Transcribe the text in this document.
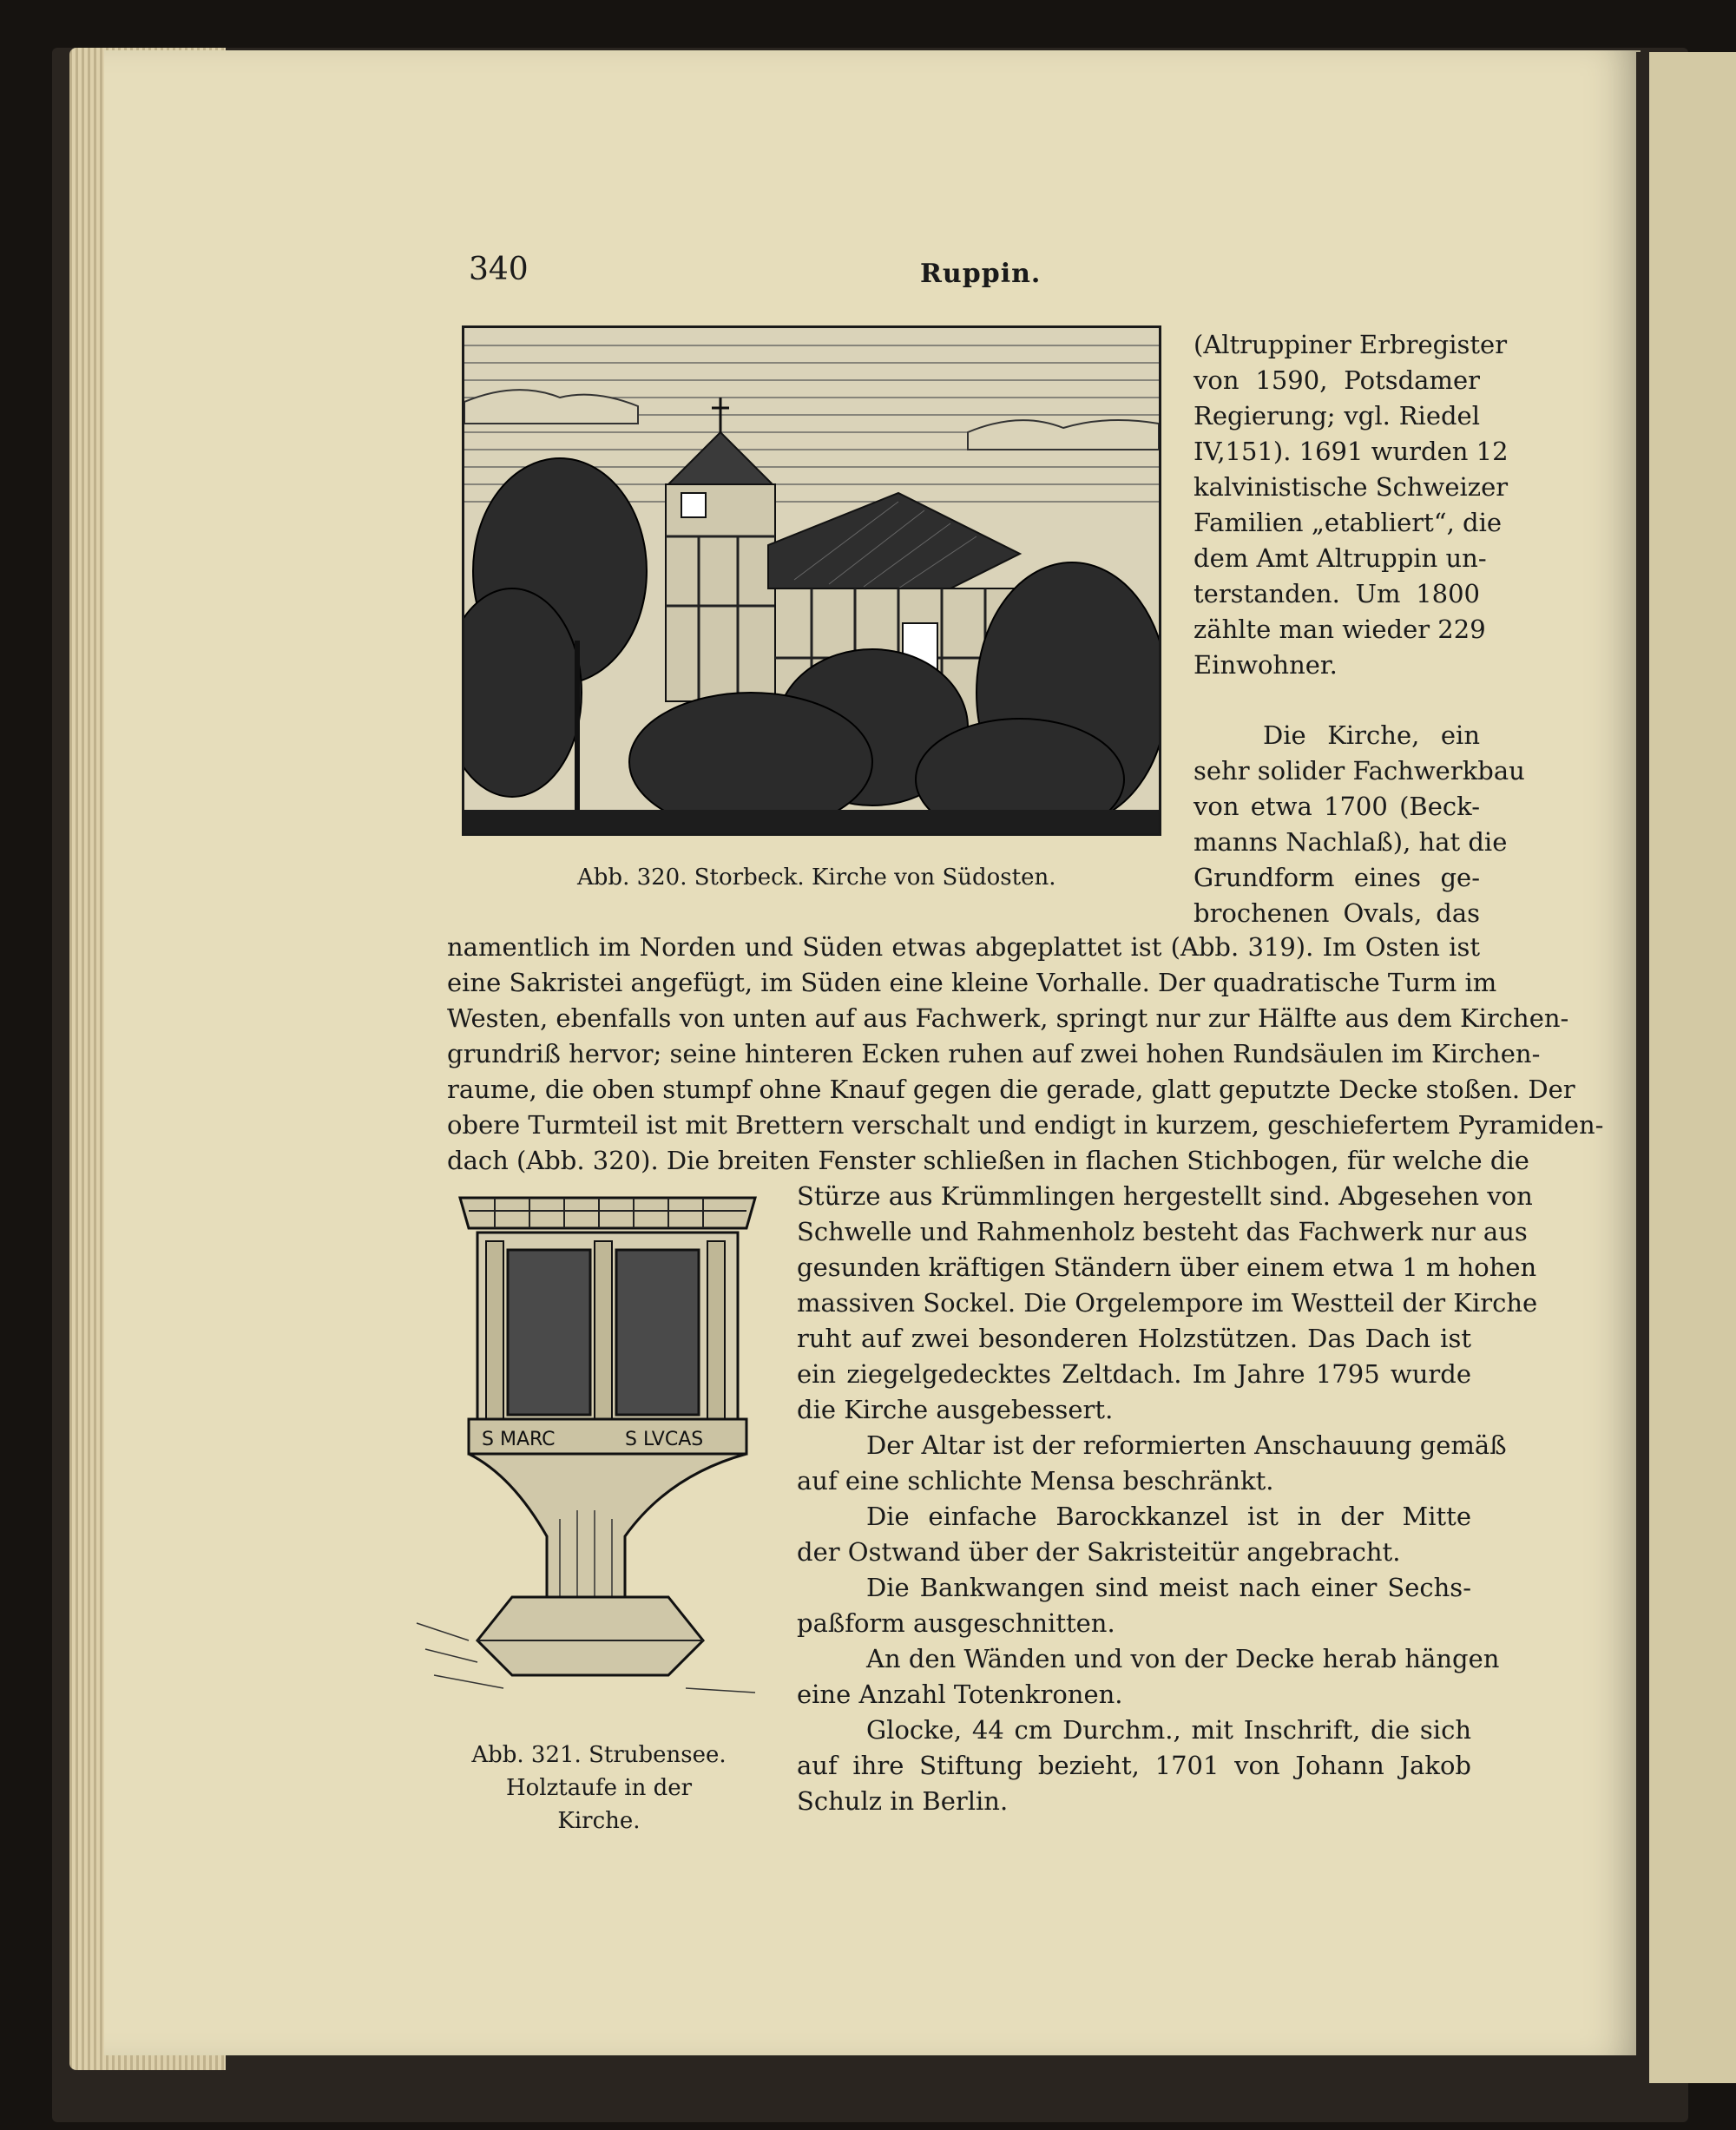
340	Ruppin.
Abb. 320. Storbeck. Kirche von Südosten.
S MARC	S LVCAS
Abb. 321. Strubensee.
Holztaufe in der Kirche.
(Altruppiner Erbregister
von 1590, Potsdamer
Regierung; vgl. Riedel
IV,151). 1691 wurden 12
kalvinistische Schweizer
Familien „etabliert“, die
dem Amt Altruppin un-
terstanden. Um 1800
zählte man wieder 229
Einwohner.
Die Kirche, ein
sehr solider Fachwerkbau
von etwa 1700 (Beck-
manns Nachlaß), hat die
Grundform eines ge-
brochenen Ovals, das
namentlich im Norden und Süden etwas abgeplattet ist (Abb. 319). Im Osten ist
eine Sakristei angefügt, im Süden eine kleine Vorhalle. Der quadratische Turm im
Westen, ebenfalls von unten auf aus Fachwerk, springt nur zur Hälfte aus dem Kirchen-
grundriß hervor; seine hinteren Ecken ruhen auf zwei hohen Rundsäulen im Kirchen-
raume, die oben stumpf ohne Knauf gegen die gerade, glatt geputzte Decke stoßen. Der
obere Turmteil ist mit Brettern verschalt und endigt in kurzem, geschiefertem Pyramiden-
dach (Abb. 320). Die breiten Fenster schließen in flachen Stichbogen, für welche die
Stürze aus Krümmlingen hergestellt sind. Abgesehen von
Schwelle und Rahmenholz besteht das Fachwerk nur aus
gesunden kräftigen Ständern über einem etwa 1 m hohen
massiven Sockel. Die Orgelempore im Westteil der Kirche
ruht auf zwei besonderen Holzstützen. Das Dach ist
ein ziegelgedecktes Zeltdach. Im Jahre 1795 wurde
die Kirche ausgebessert.
Der Altar ist der reformierten Anschauung gemäß
auf eine schlichte Mensa beschränkt.
Die einfache Barockkanzel ist in der Mitte
der Ostwand über der Sakristeitür angebracht.
Die Bankwangen sind meist nach einer Sechs-
paßform ausgeschnitten.
An den Wänden und von der Decke herab hängen
eine Anzahl Totenkronen.
Glocke, 44 cm Durchm., mit Inschrift, die sich
auf ihre Stiftung bezieht, 1701 von Johann Jakob
Schulz in Berlin.
